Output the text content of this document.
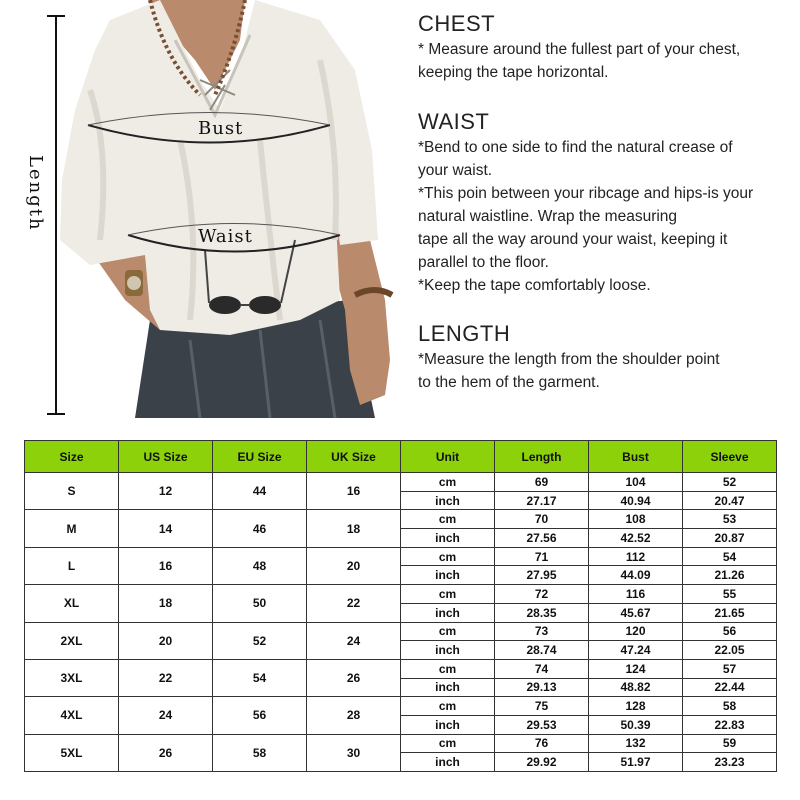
Length
Bust
Waist

CHEST

* Measure around the fullest part of your chest,

keeping the tape horizontal.

WAIST

*Bend to one side to find the natural crease of

your waist.

*This poin between your ribcage and hips-is your

natural waistline. Wrap the measuring

tape all the way around your waist, keeping it

parallel to the floor.

*Keep the tape comfortably loose.

LENGTH

*Measure the length from the shoulder point

to the hem of the garment.

Size	US Size	EU Size	UK Size	Unit	Length	Bust	Sleeve
S	12	44	16	cm	69	104	52
				inch	27.17	40.94	20.47
M	14	46	18	cm	70	108	53
				inch	27.56	42.52	20.87
L	16	48	20	cm	71	112	54
				inch	27.95	44.09	21.26
XL	18	50	22	cm	72	116	55
				inch	28.35	45.67	21.65
2XL	20	52	24	cm	73	120	56
				inch	28.74	47.24	22.05
3XL	22	54	26	cm	74	124	57
				inch	29.13	48.82	22.44
4XL	24	56	28	cm	75	128	58
				inch	29.53	50.39	22.83
5XL	26	58	30	cm	76	132	59
				inch	29.92	51.97	23.23
